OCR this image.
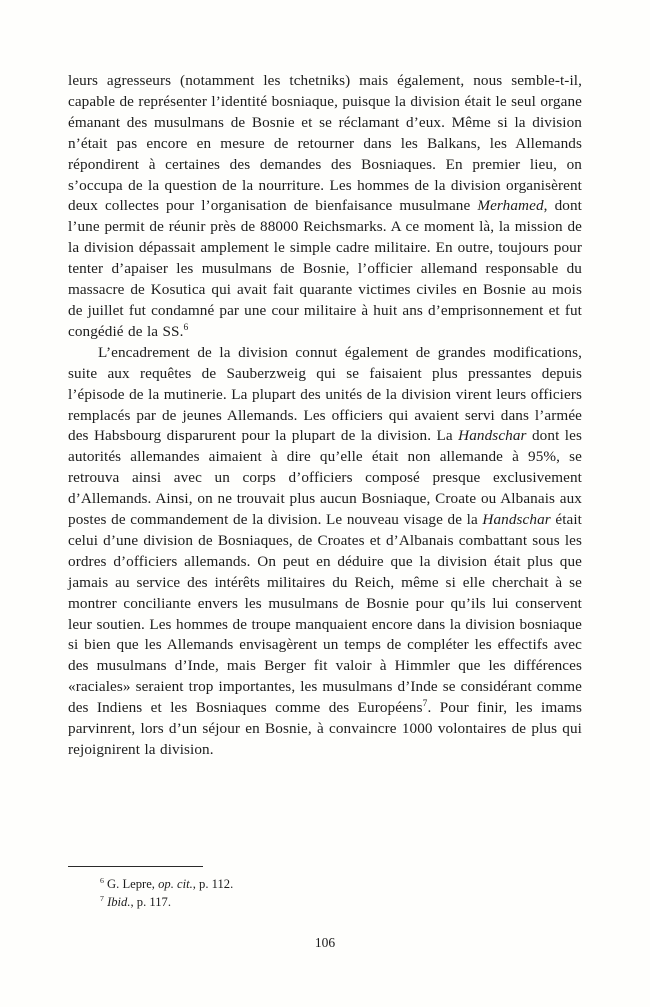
leurs agresseurs (notamment les tchetniks) mais également, nous semble-t-il, capable de représenter l’identité bosniaque, puisque la division était le seul organe émanant des musulmans de Bosnie et se réclamant d’eux. Même si la division n’était pas encore en mesure de retourner dans les Balkans, les Allemands répondirent à certaines des demandes des Bosniaques. En premier lieu, on s’occupa de la question de la nourriture. Les hommes de la division organisèrent deux collectes pour l’organisation de bienfaisance musulmane Merhamed, dont l’une permit de réunir près de 88000 Reichsmarks. A ce moment là, la mission de la division dépassait amplement le simple cadre militaire. En outre, toujours pour tenter d’apaiser les musulmans de Bosnie, l’officier allemand responsable du massacre de Kosutica qui avait fait quarante victimes civiles en Bosnie au mois de juillet fut condamné par une cour militaire à huit ans d’emprisonnement et fut congédié de la SS.$^6$

L’encadrement de la division connut également de grandes modifications, suite aux requêtes de Sauberzweig qui se faisaient plus pressantes depuis l’épisode de la mutinerie. La plupart des unités de la division virent leurs officiers remplacés par de jeunes Allemands. Les officiers qui avaient servi dans l’armée des Habsbourg disparurent pour la plupart de la division. La Handschar dont les autorités allemandes aimaient à dire qu’elle était non allemande à 95%, se retrouva ainsi avec un corps d’officiers composé presque exclusivement d’Allemands. Ainsi, on ne trouvait plus aucun Bosniaque, Croate ou Albanais aux postes de commandement de la division. Le nouveau visage de la Handschar était celui d’une division de Bosniaques, de Croates et d’Albanais combattant sous les ordres d’officiers allemands. On peut en déduire que la division était plus que jamais au service des intérêts militaires du Reich, même si elle cherchait à se montrer conciliante envers les musulmans de Bosnie pour qu’ils lui conservent leur soutien. Les hommes de troupe manquaient encore dans la division bosniaque si bien que les Allemands envisagèrent un temps de compléter les effectifs avec des musulmans d’Inde, mais Berger fit valoir à Himmler que les différences «raciales» seraient trop importantes, les musulmans d’Inde se considérant comme des Indiens et les Bosniaques comme des Européens$^7$. Pour finir, les imams parvinrent, lors d’un séjour en Bosnie, à convaincre 1000 volontaires de plus qui rejoignirent la division.

$^6$ G. Lepre, op. cit., p. 112.

$^7$ Ibid., p. 117.

106
